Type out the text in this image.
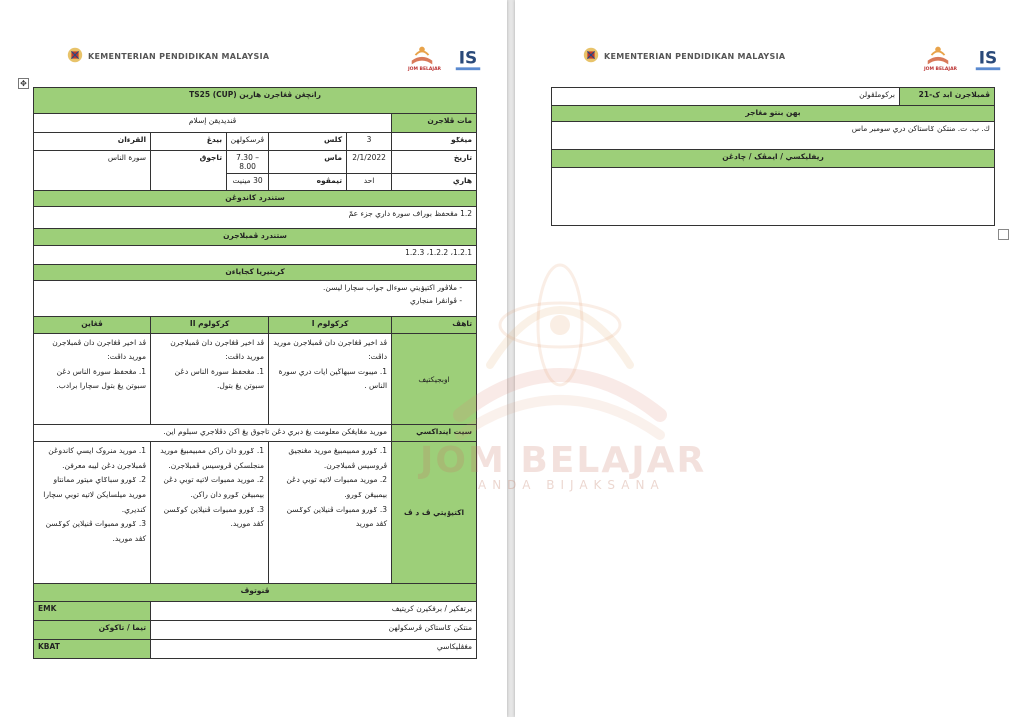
KEMENTERIAN PENDIDIKAN MALAYSIA
JOM BELAJAR
IS
✥
رانچڠن ڤڠاجرن هارين TS25 (CUP)					
مات ڤلاجرن	ڤنديديقن إسلام				
ميڠݢو	3	كلس	ڤرسكولهن	بيدڠ	القرءان
تاريخ	2/1/2022	ماس	7.30 – 8.00	تاجوق	سورة الناس
هاري	احد	تيمڤوه	30 مينيت		
ستندرد كاندوڠن					
1.2 مڠحفظ بوراف سورة داري جزء عمّ					
ستندرد ڤمبلاجرن					
1.2.1، 1.2.2، 1.2.3					
كريتيريا كجاياءن					

- ملاڤور اكتيۏيتي سوءال جواب سچارا ليسن.
- ڤوانڤرا منجاري					

تاهڤ	كركولوم I		كركولوم II		ڤڠاين
اوبجيكتيف	ڤد اخير ڤڠاجرن دان ڤمبلاجرن موريد داڤت:
1. ميبوت سبهاڬين ايات دري سورة الناس .		ڤد اخير ڤڠاجرن دان ڤمبلاجرن موريد داڤت:
1. مڠحفظ سورة الناس دڠن سبوتن يڠ بتول.		ڤد اخير ڤڠاجرن دان ڤمبلاجرن موريد داڤت:
1. مڠحفظ سورة الناس دڠن سبوتن يڠ بتول سچارا برادب.
سيت اينداكسي	موريد مڠايڠكن معلومت يڠ دبري دڠن تاجوق يڠ اكن دڤلاجري سبلوم اين.				
اكتيۏيتي ڤ د ڤ	1. ݢورو ممبيمبيڠ موريد مڠنجيق ڤروسيس ڤمبلاجرن.
2. موريد ممبوات لاتيه توبي دڠن بيمبيڠن ݢورو.
3. ݢورو ممبوات ڤنيلاين كوݢسن كڤد موريد		1. ݢورو دان راكن ممبيمبيڠ موريد منجلسكن ڤروسيس ڤمبلاجرن.
2. موريد ممبوات لاتيه توبي دڠن بيمبيڠن ݢورو دان راكن.
3. ݢورو ممبوات ڤنيلاين كوݢسن كڤد موريد.		1. موريد منروک ايسي كاندوڠن ڤمبلاجرن دڠن ليبه معرفن.
2. ݢورو سباݢاي ميتور ممانتاو موريد ميلسايكن لاتيه توبي سچارا كنديري.
3. ݢورو ممبوات ڤنيلاين كوݢسن كڤد موريد.
ڤنوتوڤ					
برتفكير / برفكيرن كريتيف					EMK
منتكن ݢاستاكن ڤرسكولهن					تيما / تاكوكن
مڠڤليكاسي					KBAT
KEMENTERIAN PENDIDIKAN MALAYSIA
JOM BELAJAR
IS
ڤمبلاجرن ابد ک-21	بركوملڤولن
بهن بنتو مڠاجر
ك. ب. ت. منتكن ݢاستاكن دري سومبر ماس
ريفليکسي / ايمڤک / چادڠن

JOM BELAJAR
ANDA BIJAKSANA
